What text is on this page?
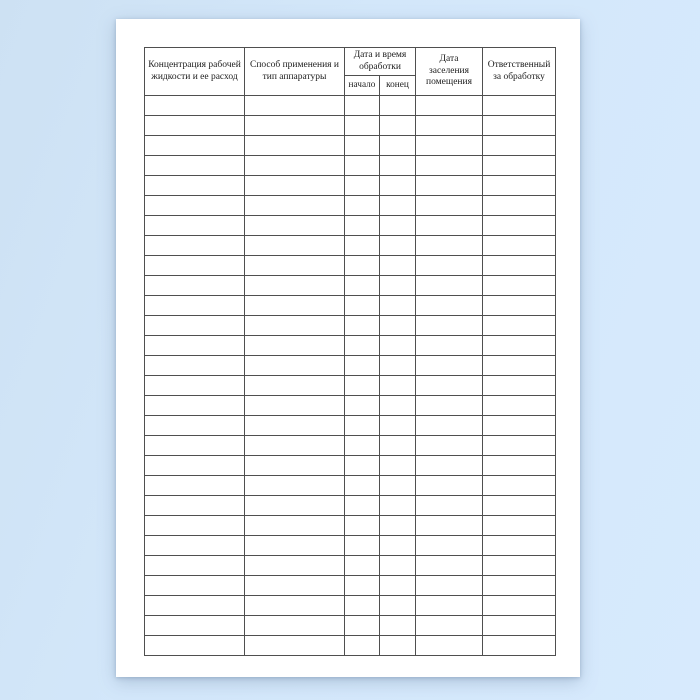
Концентрация рабочей жидкости и ее расход	Способ применения и тип аппаратуры	Дата и время обработки		Дата заселения помещения	Ответственный за обработку
		начало	конец		
